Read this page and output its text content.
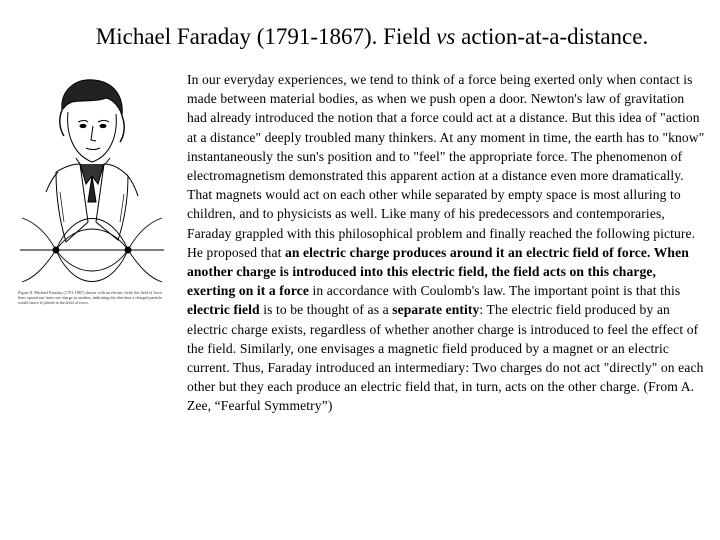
Michael Faraday (1791-1867). Field vs action-at-a-distance.
Figure 8. Michael Faraday (1791-1867) shown with an electric field; the field of force lines spread out from one charge to another, indicating the direction a charged particle would move if placed in the field of force.

In our everyday experiences, we tend to think of a force being exerted only when contact is made between material bodies, as when we push open a door. Newton's law of gravitation had already introduced the notion that a force could act at a distance. But this idea of "action at a distance" deeply troubled many thinkers. At any moment in time, the earth has to "know" instantaneously the sun's position and to "feel" the appropriate force. The phenomenon of electromagnetism demonstrated this apparent action at a distance even more dramatically. That magnets would act on each other while separated by empty space is most alluring to children, and to physicists as well. Like many of his predecessors and contemporaries, Faraday grappled with this philosophical problem and finally reached the following picture.

He proposed that an electric charge produces around it an electric field of force. When another charge is introduced into this electric field, the field acts on this charge, exerting on it a force in accordance with Coulomb's law. The important point is that this electric field is to be thought of as a separate entity: The electric field produced by an electric charge exists, regardless of whether another charge is introduced to feel the effect of the field. Similarly, one envisages a magnetic field produced by a magnet or an electric current. Thus, Faraday introduced an intermediary: Two charges do not act "directly" on each other but they each produce an electric field that, in turn, acts on the other charge. (From A. Zee, “Fearful Symmetry”)
